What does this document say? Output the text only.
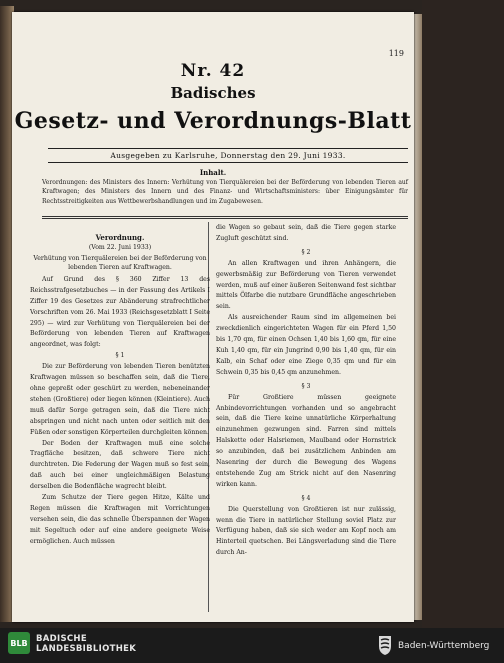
119
Nr. 42
Badisches
Gesetz- und Verordnungs-Blatt
Ausgegeben zu Karlsruhe, Donnerstag den 29. Juni 1933.
Inhalt.
Verordnungen: des Ministers des Innern: Verhütung von Tierquälereien bei der Beförderung von lebenden Tieren auf Kraftwagen; des Ministers des Innern und des Finanz- und Wirtschaftsministers: über Einigungsämter für Rechtsstreitigkeiten aus Wettbewerbshandlungen und im Zugabewesen.
Verordnung.
(Vom 22. Juni 1933)
Verhütung von Tierquälereien bei der Beförderung von lebenden Tieren auf Kraftwagen.

Auf Grund des § 360 Ziffer 13 des Reichsstrafgesetzbuches — in der Fassung des Artikels I Ziffer 19 des Gesetzes zur Abänderung strafrechtlicher Vorschriften vom 26. Mai 1933 (Reichsgesetzblatt I Seite 295) — wird zur Verhütung von Tierquälereien bei der Beförderung von lebenden Tieren auf Kraftwagen angeordnet, was folgt:

§ 1

Die zur Beförderung von lebenden Tieren benützten Kraftwagen müssen so beschaffen sein, daß die Tiere, ohne gepreßt oder geschürt zu werden, nebeneinander stehen (Großtiere) oder liegen können (Kleintiere). Auch muß dafür Sorge getragen sein, daß die Tiere nicht abspringen und nicht nach unten oder seitlich mit den Füßen oder sonstigen Körperteilen durchgleiten können.

Der Boden der Kraftwagen muß eine solche Tragfläche besitzen, daß schwere Tiere nicht durchtreten. Die Federung der Wagen muß so fest sein, daß auch bei einer ungleichmäßigen Belastung derselben die Bodenfläche wagrecht bleibt.

Zum Schutze der Tiere gegen Hitze, Kälte und Regen müssen die Kraftwagen mit Vorrichtungen versehen sein, die das schnelle Überspannen der Wagen mit Segeltuch oder auf eine andere geeignete Weise ermöglichen. Auch müssen

die Wagen so gebaut sein, daß die Tiere gegen starke Zugluft geschützt sind.

§ 2

An allen Kraftwagen und ihren Anhängern, die gewerbsmäßig zur Beförderung von Tieren verwendet werden, muß auf einer äußeren Seitenwand fest sichtbar mittels Ölfarbe die nutzbare Grundfläche angeschrieben sein.

Als ausreichender Raum sind im allgemeinen bei zweckdienlich eingerichteten Wagen für ein Pferd 1,50 bis 1,70 qm, für einen Ochsen 1,40 bis 1,60 qm, für eine Kuh 1,40 qm, für ein Jungrind 0,90 bis 1,40 qm, für ein Kalb, ein Schaf oder eine Ziege 0,35 qm und für ein Schwein 0,35 bis 0,45 qm anzunehmen.

§ 3

Für Großtiere müssen geeignete Anbindevorrichtungen vorhanden und so angebracht sein, daß die Tiere keine unnatürliche Körperhaltung einzunehmen gezwungen sind. Farren sind mittels Halskette oder Halsriemen, Maulband oder Hornstrick so anzubinden, daß bei zusätzlichem Anbinden am Nasenring der durch die Bewegung des Wagens entstehende Zug am Strick nicht auf den Nasenring wirken kann.

§ 4

Die Querstellung von Großtieren ist nur zulässig, wenn die Tiere in natürlicher Stellung soviel Platz zur Verfügung haben, daß sie sich weder am Kopf noch am Hinterteil quetschen. Bei Längsverladung sind die Tiere durch An-

BLB BADISCHE
LANDESBIBLIOTHEK	Baden-Württemberg
